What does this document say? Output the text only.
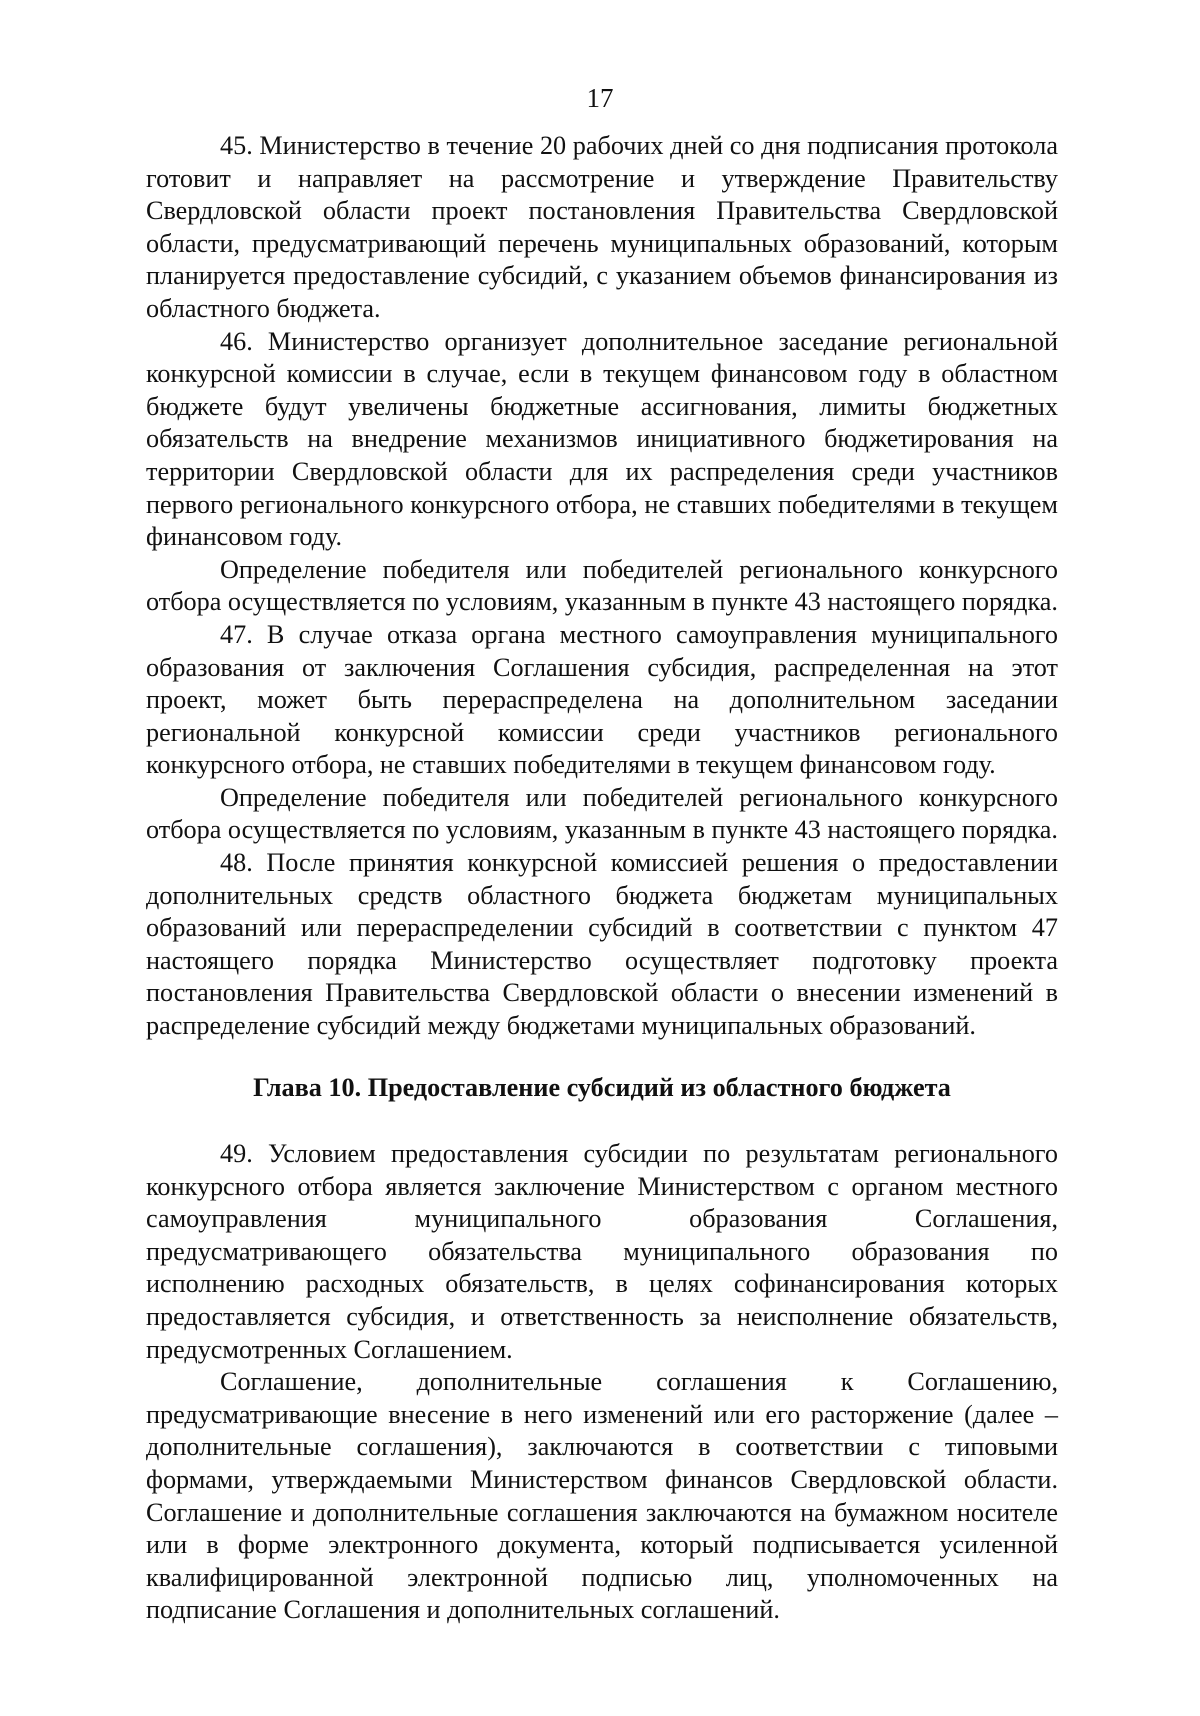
17

45. Министерство в течение 20 рабочих дней со дня подписания протокола готовит и направляет на рассмотрение и утверждение Правительству Свердловской области проект постановления Правительства Свердловской области, предусматривающий перечень муниципальных образований, которым планируется предоставление субсидий, с указанием объемов финансирования из областного бюджета.

46. Министерство организует дополнительное заседание региональной конкурсной комиссии в случае, если в текущем финансовом году в областном бюджете будут увеличены бюджетные ассигнования, лимиты бюджетных обязательств на внедрение механизмов инициативного бюджетирования на территории Свердловской области для их распределения среди участников первого регионального конкурсного отбора, не ставших победителями в текущем финансовом году.

Определение победителя или победителей регионального конкурсного отбора осуществляется по условиям, указанным в пункте 43 настоящего порядка.

47. В случае отказа органа местного самоуправления муниципального образования от заключения Соглашения субсидия, распределенная на этот проект, может быть перераспределена на дополнительном заседании региональной конкурсной комиссии среди участников регионального конкурсного отбора, не ставших победителями в текущем финансовом году.

Определение победителя или победителей регионального конкурсного отбора осуществляется по условиям, указанным в пункте 43 настоящего порядка.

48. После принятия конкурсной комиссией решения о предоставлении дополнительных средств областного бюджета бюджетам муниципальных образований или перераспределении субсидий в соответствии с пунктом 47 настоящего порядка Министерство осуществляет подготовку проекта постановления Правительства Свердловской области о внесении изменений в распределение субсидий между бюджетами муниципальных образований.

Глава 10. Предоставление субсидий из областного бюджета

49. Условием предоставления субсидии по результатам регионального конкурсного отбора является заключение Министерством с органом местного самоуправления муниципального образования Соглашения, предусматривающего обязательства муниципального образования по исполнению расходных обязательств, в целях софинансирования которых предоставляется субсидия, и ответственность за неисполнение обязательств, предусмотренных Соглашением.

Соглашение, дополнительные соглашения к Соглашению, предусматривающие внесение в него изменений или его расторжение (далее – дополнительные соглашения), заключаются в соответствии с типовыми формами, утверждаемыми Министерством финансов Свердловской области. Соглашение и дополнительные соглашения заключаются на бумажном носителе или в форме электронного документа, который подписывается усиленной квалифицированной электронной подписью лиц, уполномоченных на подписание Соглашения и дополнительных соглашений.
